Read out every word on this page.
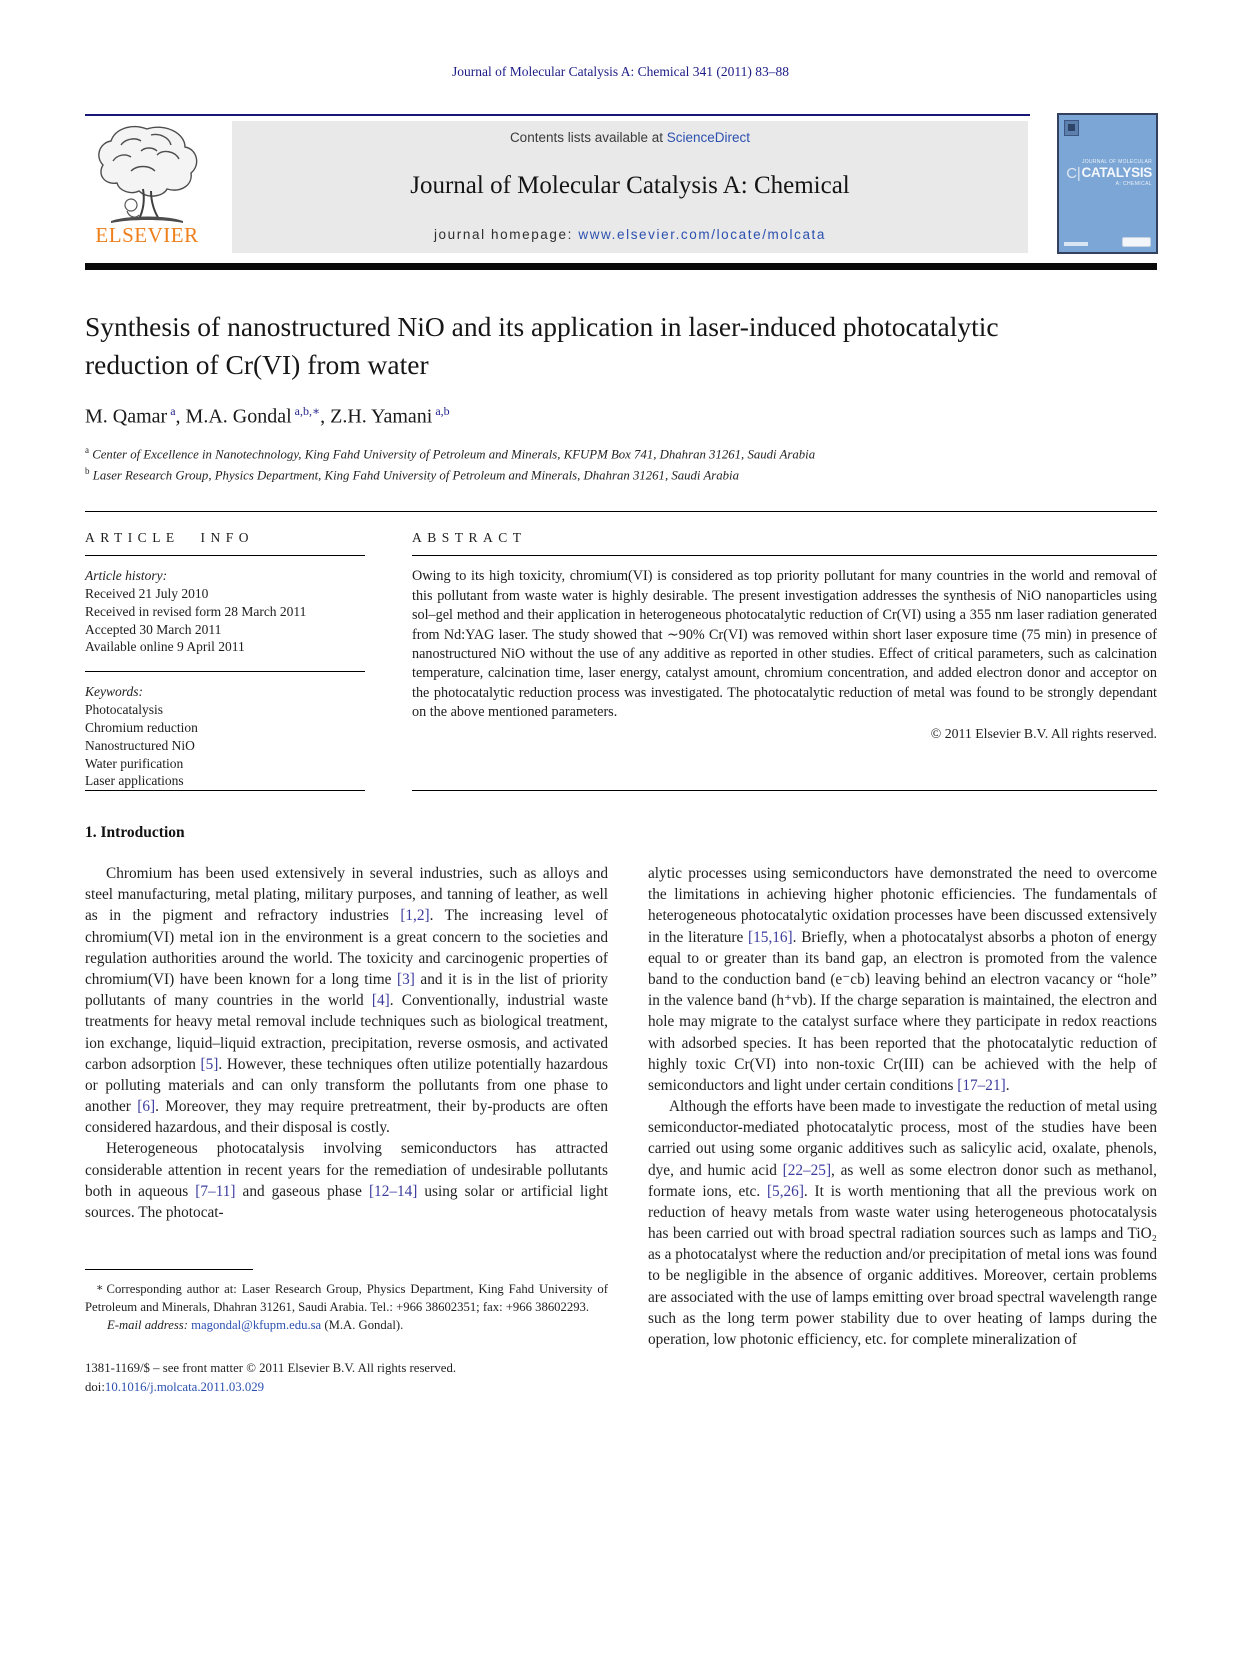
Journal of Molecular Catalysis A: Chemical 341 (2011) 83–88
ELSEVIER
Contents lists available at ScienceDirect
Journal of Molecular Catalysis A: Chemical
journal homepage: www.elsevier.com/locate/molcata
JOURNAL OF MOLECULAR
C|CATALYSIS
A: CHEMICAL
Synthesis of nanostructured NiO and its application in laser-induced photocatalytic reduction of Cr(VI) from water
M. Qamar $^a$, M.A. Gondal $^{a,b,∗}$, Z.H. Yamani $^{a,b}$
$^a$ Center of Excellence in Nanotechnology, King Fahd University of Petroleum and Minerals, KFUPM Box 741, Dhahran 31261, Saudi Arabia
$^b$ Laser Research Group, Physics Department, King Fahd University of Petroleum and Minerals, Dhahran 31261, Saudi Arabia
ARTICLE INFO
Article history:
Received 21 July 2010
Received in revised form 28 March 2011
Accepted 30 March 2011
Available online 9 April 2011
Keywords:
Photocatalysis
Chromium reduction
Nanostructured NiO
Water purification
Laser applications
ABSTRACT

Owing to its high toxicity, chromium(VI) is considered as top priority pollutant for many countries in the world and removal of this pollutant from waste water is highly desirable. The present investigation addresses the synthesis of NiO nanoparticles using sol–gel method and their application in heterogeneous photocatalytic reduction of Cr(VI) using a 355 nm laser radiation generated from Nd:YAG laser. The study showed that ∼90% Cr(VI) was removed within short laser exposure time (75 min) in presence of nanostructured NiO without the use of any additive as reported in other studies. Effect of critical parameters, such as calcination temperature, calcination time, laser energy, catalyst amount, chromium concentration, and added electron donor and acceptor on the photocatalytic reduction process was investigated. The photocatalytic reduction of metal was found to be strongly dependant on the above mentioned parameters.

© 2011 Elsevier B.V. All rights reserved.
1. Introduction

Chromium has been used extensively in several industries, such as alloys and steel manufacturing, metal plating, military purposes, and tanning of leather, as well as in the pigment and refractory industries [1,2]. The increasing level of chromium(VI) metal ion in the environment is a great concern to the societies and regulation authorities around the world. The toxicity and carcinogenic properties of chromium(VI) have been known for a long time [3] and it is in the list of priority pollutants of many countries in the world [4]. Conventionally, industrial waste treatments for heavy metal removal include techniques such as biological treatment, ion exchange, liquid–liquid extraction, precipitation, reverse osmosis, and activated carbon adsorption [5]. However, these techniques often utilize potentially hazardous or polluting materials and can only transform the pollutants from one phase to another [6]. Moreover, they may require pretreatment, their by-products are often considered hazardous, and their disposal is costly.

Heterogeneous photocatalysis involving semiconductors has attracted considerable attention in recent years for the remediation of undesirable pollutants both in aqueous [7–11] and gaseous phase [12–14] using solar or artificial light sources. The photocat-

∗ Corresponding author at: Laser Research Group, Physics Department, King Fahd University of Petroleum and Minerals, Dhahran 31261, Saudi Arabia. Tel.: +966 38602351; fax: +966 38602293.
E-mail address: magondal@kfupm.edu.sa (M.A. Gondal).
1381-1169/$ – see front matter © 2011 Elsevier B.V. All rights reserved.
doi:10.1016/j.molcata.2011.03.029

alytic processes using semiconductors have demonstrated the need to overcome the limitations in achieving higher photonic efficiencies. The fundamentals of heterogeneous photocatalytic oxidation processes have been discussed extensively in the literature [15,16]. Briefly, when a photocatalyst absorbs a photon of energy equal to or greater than its band gap, an electron is promoted from the valence band to the conduction band (e⁻cb) leaving behind an electron vacancy or “hole” in the valence band (h⁺vb). If the charge separation is maintained, the electron and hole may migrate to the catalyst surface where they participate in redox reactions with adsorbed species. It has been reported that the photocatalytic reduction of highly toxic Cr(VI) into non-toxic Cr(III) can be achieved with the help of semiconductors and light under certain conditions [17–21].

Although the efforts have been made to investigate the reduction of metal using semiconductor-mediated photocatalytic process, most of the studies have been carried out using some organic additives such as salicylic acid, oxalate, phenols, dye, and humic acid [22–25], as well as some electron donor such as methanol, formate ions, etc. [5,26]. It is worth mentioning that all the previous work on reduction of heavy metals from waste water using heterogeneous photocatalysis has been carried out with broad spectral radiation sources such as lamps and TiO₂ as a photocatalyst where the reduction and/or precipitation of metal ions was found to be negligible in the absence of organic additives. Moreover, certain problems are associated with the use of lamps emitting over broad spectral wavelength range such as the long term power stability due to over heating of lamps during the operation, low photonic efficiency, etc. for complete mineralization of
